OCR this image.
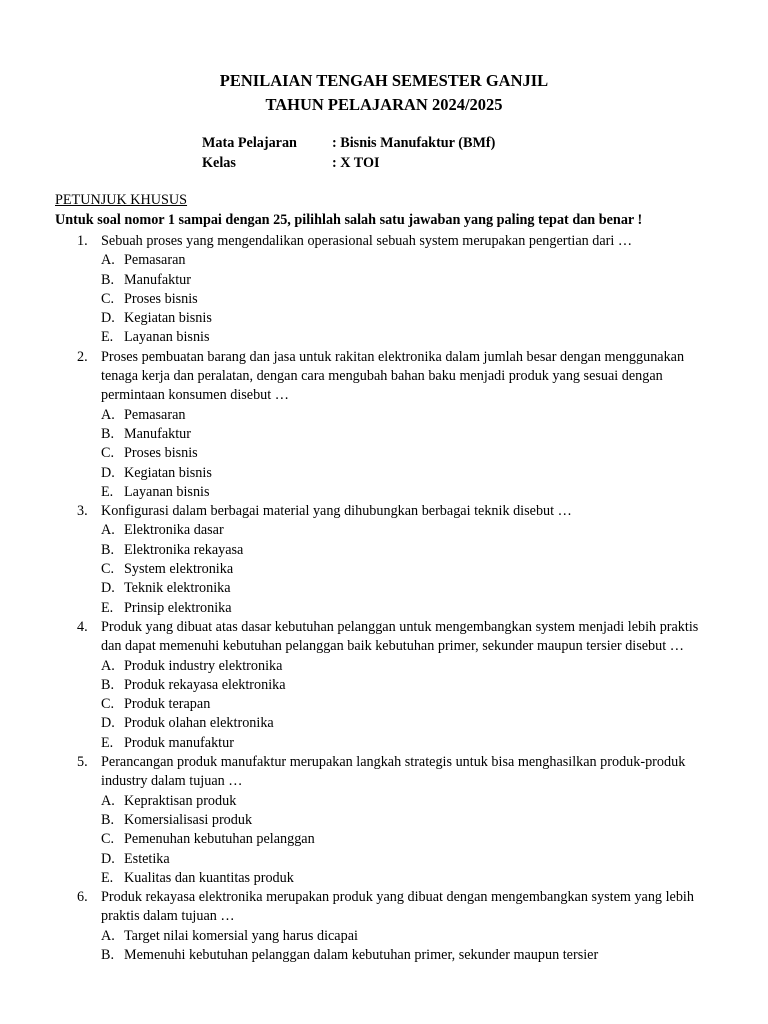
PENILAIAN TENGAH SEMESTER GANJIL
TAHUN PELAJARAN 2024/2025
Mata Pelajaran	: Bisnis Manufaktur (BMf)
Kelas	: X TOI
PETUNJUK KHUSUS
Untuk soal nomor 1 sampai dengan 25, pilihlah salah satu jawaban yang paling tepat dan benar !
1. Sebuah proses yang mengendalikan operasional sebuah system merupakan pengertian dari …

A. Pemasaran
B. Manufaktur
C. Proses bisnis
D. Kegiatan bisnis
E. Layanan bisnis
2. Proses pembuatan barang dan jasa untuk rakitan elektronika dalam jumlah besar dengan menggunakan tenaga kerja dan peralatan, dengan cara mengubah bahan baku menjadi produk yang sesuai dengan permintaan konsumen disebut …

A. Pemasaran
B. Manufaktur
C. Proses bisnis
D. Kegiatan bisnis
E. Layanan bisnis
3. Konfigurasi dalam berbagai material yang dihubungkan berbagai teknik disebut …

A. Elektronika dasar
B. Elektronika rekayasa
C. System elektronika
D. Teknik elektronika
E. Prinsip elektronika
4. Produk yang dibuat atas dasar kebutuhan pelanggan untuk mengembangkan system menjadi lebih praktis dan dapat memenuhi kebutuhan pelanggan baik kebutuhan primer, sekunder maupun tersier disebut …

A. Produk industry elektronika
B. Produk rekayasa elektronika
C. Produk terapan
D. Produk olahan elektronika
E. Produk manufaktur
5. Perancangan produk manufaktur merupakan langkah strategis untuk bisa menghasilkan produk-produk industry dalam tujuan …

A. Kepraktisan produk
B. Komersialisasi produk
C. Pemenuhan kebutuhan pelanggan
D. Estetika
E. Kualitas dan kuantitas produk
6. Produk rekayasa elektronika merupakan produk yang dibuat dengan mengembangkan system yang lebih praktis dalam tujuan …

A. Target nilai komersial yang harus dicapai
B. Memenuhi kebutuhan pelanggan dalam kebutuhan primer, sekunder maupun tersier
